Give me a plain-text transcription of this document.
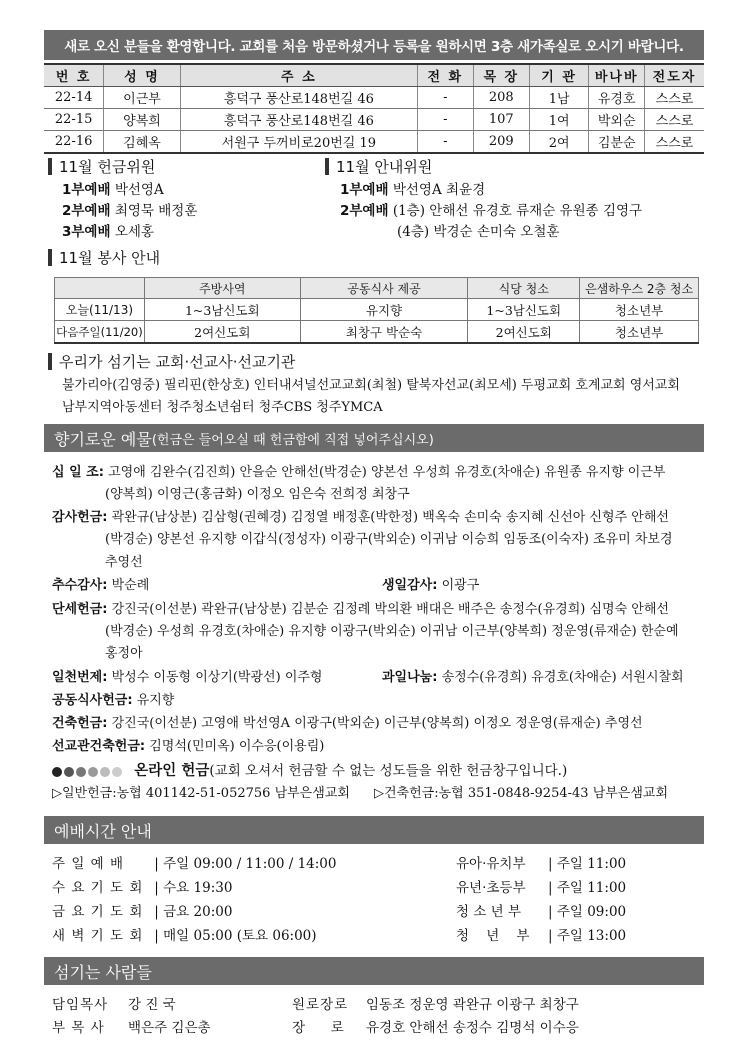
새로 오신 분들을 환영합니다. 교회를 처음 방문하셨거나 등록을 원하시면 3층 새가족실로 오시기 바랍니다.
번 호	성 명	주 소	전 화	목 장	기 관	바나바	전도자
22-14	이근부	흥덕구 풍산로148번길 46	-	208	1남	유경호	스스로
22-15	양복희	흥덕구 풍산로148번길 46	-	107	1여	박외순	스스로
22-16	김혜옥	서원구 두꺼비로20번길 19	-	209	2여	김분순	스스로
11월 헌금위원
1부예배 박선영A
2부예배 최영묵 배정훈
3부예배 오세홍
11월 안내위원
1부예배 박선영A 최윤경
2부예배 (1층) 안해선 유경호 류재순 유원종 김영구
(4층) 박경순 손미숙 오철훈
11월 봉사 안내
	주방사역	공동식사 제공	식당 청소	은샘하우스 2층 청소
오늘(11/13)	1~3남신도회	유지향	1~3남신도회	청소년부
다음주일(11/20)	2여신도회	최창구 박순숙	2여신도회	청소년부
우리가 섬기는 교회·선교사·선교기관
불가리아(김영중) 필리핀(한상호) 인터내셔널선교교회(최철) 탈북자선교(최모세) 두평교회 호계교회 영서교회
남부지역아동센터 청주청소년쉼터 청주CBS 청주YMCA
향기로운 예물 (헌금은 들어오실 때 헌금함에 직접 넣어주십시오)
십 일 조: 고영애 김완수(김진희) 안을순 안해선(박경순) 양본선 우성희 유경호(차애순) 유원종 유지향 이근부
(양복희) 이영근(홍금화) 이정오 임은숙 전희정 최창구
감사헌금: 곽완규(남상분) 김삼형(권혜경) 김정열 배정훈(박한정) 백옥숙 손미숙 송지혜 신선아 신형주 안해선
(박경순) 양본선 유지향 이갑식(정성자) 이광구(박외순) 이귀남 이승희 임동조(이숙자) 조유미 차보경
추영선
추수감사: 박순례	생일감사: 이광구
단세헌금: 강진국(이선분) 곽완규(남상분) 김분순 김정례 박의환 배대은 배주은 송정수(유경희) 심명숙 안해선
(박경순) 우성희 유경호(차애순) 유지향 이광구(박외순) 이귀남 이근부(양복희) 정운영(류재순) 한순예
홍정아
일천번제: 박성수 이동형 이상기(박광선) 이주형	과일나눔: 송정수(유경희) 유경호(차애순) 서원시찰회
공동식사헌금: 유지향
건축헌금: 강진국(이선분) 고영애 박선영A 이광구(박외순) 이근부(양복희) 이정오 정운영(류재순) 추영선
선교관건축헌금: 김명석(민미옥) 이수응(이용림)
온라인 헌금(교회 오셔서 헌금할 수 없는 성도들을 위한 헌금창구입니다.)
▷일반헌금:농협 401142-51-052756 남부은샘교회 ▷건축헌금:농협 351-0848-9254-43 남부은샘교회
예배시간 안내
주 일 예 배 | 주일 09:00 / 11:00 / 14:00
수 요 기 도 회 | 수요 19:30
금 요 기 도 회 | 금요 20:00
새 벽 기 도 회 | 매일 05:00 (토요 06:00)
유아·유치부 | 주일 11:00
유년·초등부 | 주일 11:00
청 소 년 부 | 주일 09:00
청    년    부 | 주일 13:00
섬기는 사람들
담임목사 강 진 국
부 목 사 백은주 김은총
원로장로 임동조 정운영 곽완규 이광구 최창구
장      로 유경호 안해선 송정수 김명석 이수응
